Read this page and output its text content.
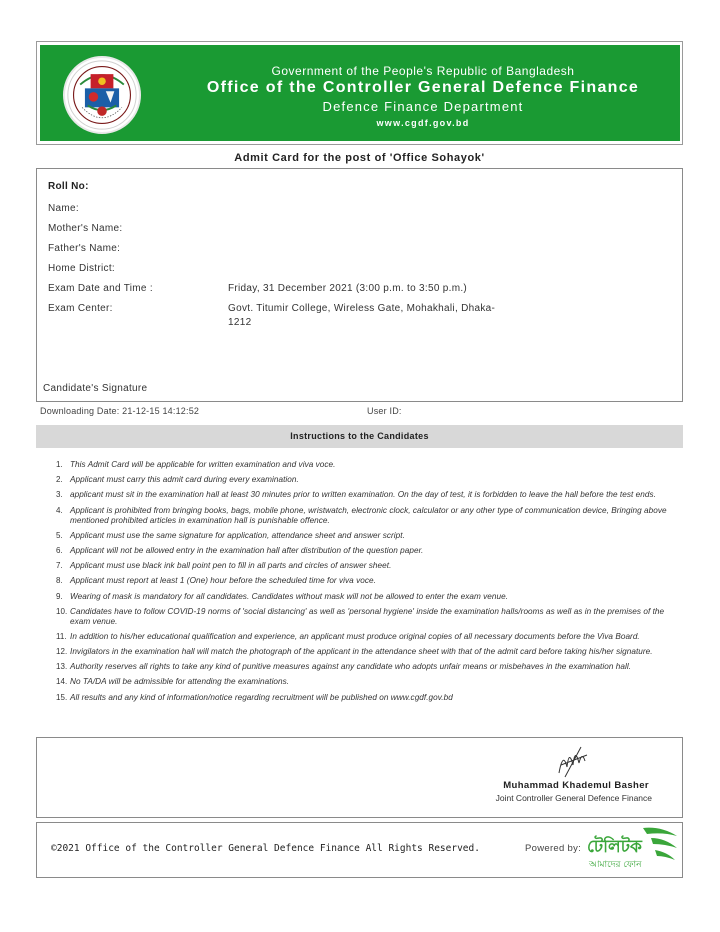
Government of the People's Republic of Bangladesh
Office of the Controller General Defence Finance
Defence Finance Department
www.cgdf.gov.bd
Admit Card for the post of 'Office Sohayok'
Roll No:
Name:
Mother's Name:
Father's Name:
Home District:
Exam Date and Time :	Friday, 31 December 2021 (3:00 p.m. to 3:50 p.m.)
Exam Center:	Govt. Titumir College, Wireless Gate, Mohakhali, Dhaka-1212
Candidate's Signature
Downloading Date: 21-12-15 14:12:52	User ID:
Instructions to the Candidates
1. This Admit Card will be applicable for written examination and viva voce.
2. Applicant must carry this admit card during every examination.
3. applicant must sit in the examination hall at least 30 minutes prior to written examination. On the day of test, it is forbidden to leave the hall before the test ends.
4. Applicant is prohibited from bringing books, bags, mobile phone, wristwatch, electronic clock, calculator or any other type of communication device, Bringing above mentioned prohibited articles in examination hall is punishable offence.
5. Applicant must use the same signature for application, attendance sheet and answer script.
6. Applicant will not be allowed entry in the examination hall after distribution of the question paper.
7. Applicant must use black ink ball point pen to fill in all parts and circles of answer sheet.
8. Applicant must report at least 1 (One) hour before the scheduled time for viva voce.
9. Wearing of mask is mandatory for all candidates. Candidates without mask will not be allowed to enter the exam venue.
10. Candidates have to follow COVID-19 norms of 'social distancing' as well as 'personal hygiene' inside the examination halls/rooms as well as in the premises of the exam venue.
11. In addition to his/her educational qualification and experience, an applicant must produce original copies of all necessary documents before the Viva Board.
12. Invigilators in the examination hall will match the photograph of the applicant in the attendance sheet with that of the admit card before taking his/her signature.
13. Authority reserves all rights to take any kind of punitive measures against any candidate who adopts unfair means or misbehaves in the examination hall.
14. No TA/DA will be admissible for attending the examinations.
15. All results and any kind of information/notice regarding recruitment will be published on www.cgdf.gov.bd
Muhammad Khademul Basher
Joint Controller General Defence Finance
©2021 Office of the Controller General Defence Finance All Rights Reserved.	Powered by: টেলিটক
আমাদের ফোন
